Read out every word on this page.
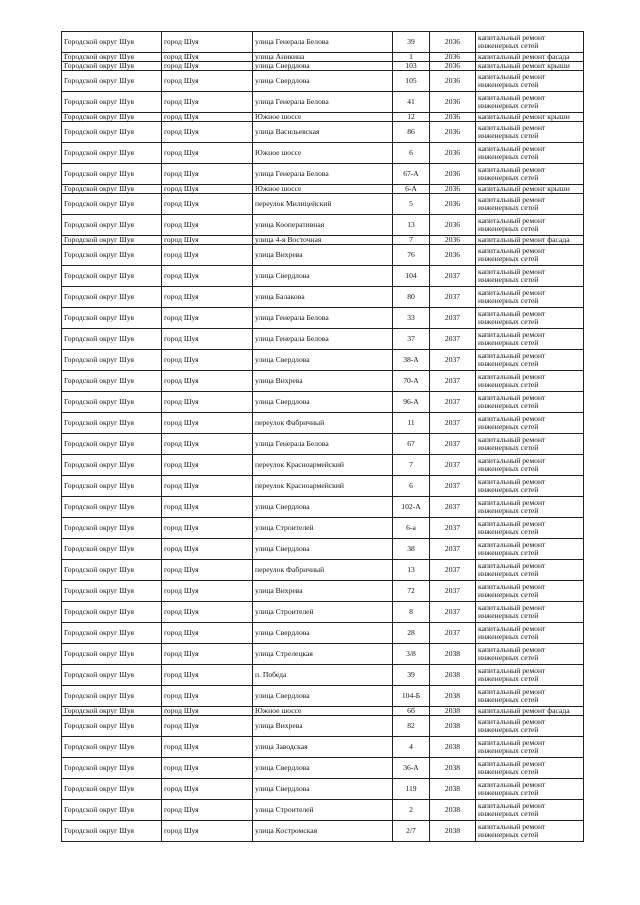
Городской округ Шуя	город Шуя	улица Генерала Белова	39	2036	капитальный ремонт инженерных сетей
Городской округ Шуя	город Шуя	улица Аникина	1	2036	капитальный ремонт фасада
Городской округ Шуя	город Шуя	улица Свердлова	103	2036	капитальный ремонт крыши
Городской округ Шуя	город Шуя	улица Свердлова	105	2036	капитальный ремонт инженерных сетей
Городской округ Шуя	город Шуя	улица Генерала Белова	41	2036	капитальный ремонт инженерных сетей
Городской округ Шуя	город Шуя	Южное шоссе	12	2036	капитальный ремонт крыши
Городской округ Шуя	город Шуя	улица Васильевская	86	2036	капитальный ремонт инженерных сетей
Городской округ Шуя	город Шуя	Южное шоссе	6	2036	капитальный ремонт инженерных сетей
Городской округ Шуя	город Шуя	улица Генерала Белова	67-А	2036	капитальный ремонт инженерных сетей
Городской округ Шуя	город Шуя	Южное шоссе	6-А	2036	капитальный ремонт крыши
Городской округ Шуя	город Шуя	переулок Милицейский	5	2036	капитальный ремонт инженерных сетей
Городской округ Шуя	город Шуя	улица Кооперативная	13	2036	капитальный ремонт инженерных сетей
Городской округ Шуя	город Шуя	улица 4-я Восточная	7	2036	капитальный ремонт фасада
Городской округ Шуя	город Шуя	улица Вихрева	76	2036	капитальный ремонт инженерных сетей
Городской округ Шуя	город Шуя	улица Свердлова	104	2037	капитальный ремонт инженерных сетей
Городской округ Шуя	город Шуя	улица Балакова	80	2037	капитальный ремонт инженерных сетей
Городской округ Шуя	город Шуя	улица Генерала Белова	33	2037	капитальный ремонт инженерных сетей
Городской округ Шуя	город Шуя	улица Генерала Белова	37	2037	капитальный ремонт инженерных сетей
Городской округ Шуя	город Шуя	улица Свердлова	38-А	2037	капитальный ремонт инженерных сетей
Городской округ Шуя	город Шуя	улица Вихрева	70-А	2037	капитальный ремонт инженерных сетей
Городской округ Шуя	город Шуя	улица Свердлова	96-А	2037	капитальный ремонт инженерных сетей
Городской округ Шуя	город Шуя	переулок Фабричный	11	2037	капитальный ремонт инженерных сетей
Городской округ Шуя	город Шуя	улица Генерала Белова	67	2037	капитальный ремонт инженерных сетей
Городской округ Шуя	город Шуя	переулок Красноармейский	7	2037	капитальный ремонт инженерных сетей
Городской округ Шуя	город Шуя	переулок Красноармейский	6	2037	капитальный ремонт инженерных сетей
Городской округ Шуя	город Шуя	улица Свердлова	102-А	2037	капитальный ремонт инженерных сетей
Городской округ Шуя	город Шуя	улица Строителей	6-а	2037	капитальный ремонт инженерных сетей
Городской округ Шуя	город Шуя	улица Свердлова	38	2037	капитальный ремонт инженерных сетей
Городской округ Шуя	город Шуя	переулок Фабричный	13	2037	капитальный ремонт инженерных сетей
Городской округ Шуя	город Шуя	улица Вихрева	72	2037	капитальный ремонт инженерных сетей
Городской округ Шуя	город Шуя	улица Строителей	8	2037	капитальный ремонт инженерных сетей
Городской округ Шуя	город Шуя	улица Свердлова	28	2037	капитальный ремонт инженерных сетей
Городской округ Шуя	город Шуя	улица Стрелецкая	3/8	2038	капитальный ремонт инженерных сетей
Городской округ Шуя	город Шуя	п. Победа	39	2038	капитальный ремонт инженерных сетей
Городской округ Шуя	город Шуя	улица Свердлова	104-Б	2038	капитальный ремонт инженерных сетей
Городской округ Шуя	город Шуя	Южное шоссе	6б	2038	капитальный ремонт фасада
Городской округ Шуя	город Шуя	улица Вихрева	82	2038	капитальный ремонт инженерных сетей
Городской округ Шуя	город Шуя	улица Заводская	4	2038	капитальный ремонт инженерных сетей
Городской округ Шуя	город Шуя	улица Свердлова	36-А	2038	капитальный ремонт инженерных сетей
Городской округ Шуя	город Шуя	улица Свердлова	119	2038	капитальный ремонт инженерных сетей
Городской округ Шуя	город Шуя	улица Строителей	2	2038	капитальный ремонт инженерных сетей
Городской округ Шуя	город Шуя	улица Костромская	2/7	2038	капитальный ремонт инженерных сетей
